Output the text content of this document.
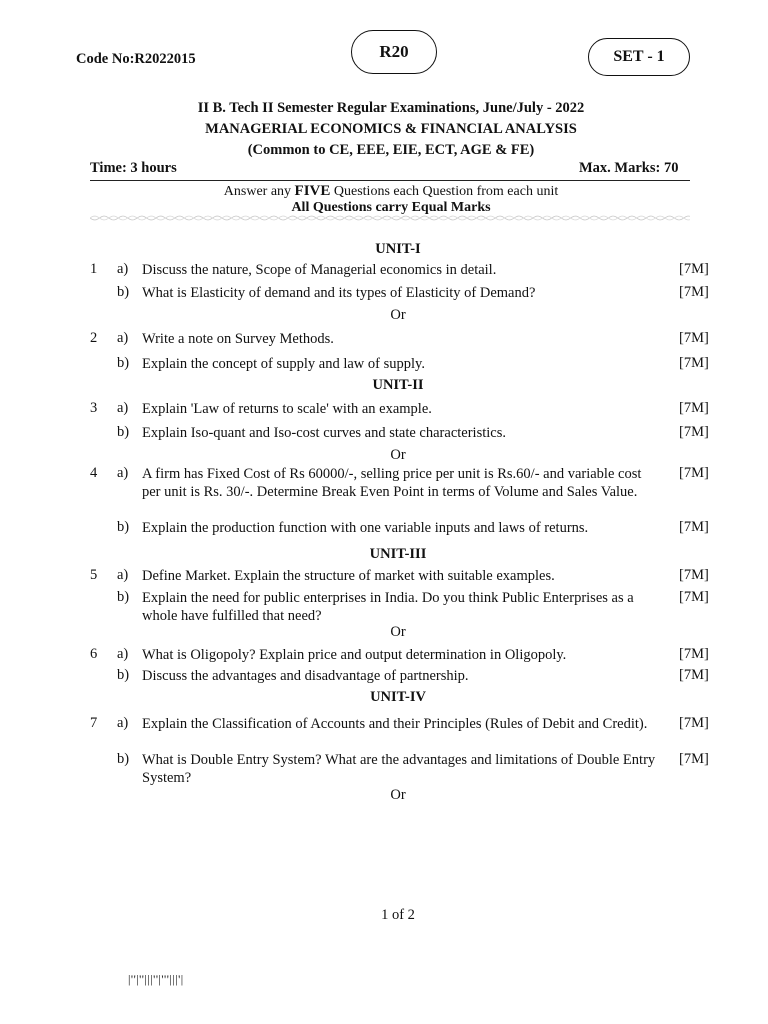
Code No:R2022015	R20	SET - 1
II B. Tech II Semester Regular Examinations, June/July - 2022
MANAGERIAL ECONOMICS & FINANCIAL ANALYSIS
(Common to CE, EEE, EIE, ECT, AGE & FE)
Time: 3 hours	Max. Marks: 70
Answer any FIVE Questions each Question from each unit
All Questions carry Equal Marks
UNIT-I
1 a) Discuss the nature, Scope of Managerial economics in detail.	[7M]
b) What is Elasticity of demand and its types of Elasticity of Demand?	[7M]
Or
2 a) Write a note on Survey Methods.	[7M]
b) Explain the concept of supply and law of supply.	[7M]
UNIT-II
3 a) Explain 'Law of returns to scale' with an example.	[7M]
b) Explain Iso-quant and Iso-cost curves and state characteristics.	[7M]
Or
4 a) A firm has Fixed Cost of Rs 60000/-, selling price per unit is Rs.60/- and variable cost per unit is Rs. 30/-. Determine Break Even Point in terms of Volume and Sales Value.
[7M]
b) Explain the production function with one variable inputs and laws of returns.	[7M]
UNIT-III
5 a) Define Market. Explain the structure of market with suitable examples.	[7M]
b) Explain the need for public enterprises in India. Do you think Public Enterprises as a whole have fulfilled that need?
[7M]
Or
6 a) What is Oligopoly? Explain price and output determination in Oligopoly.	[7M]
b) Discuss the advantages and disadvantage of partnership.	[7M]
UNIT-IV
7 a) Explain the Classification of Accounts and their Principles (Rules of Debit and Credit).	[7M]
b) What is Double Entry System? What are the advantages and limitations of Double Entry System?
[7M]
Or
1 of 2
|''|''|||''|'''|||'|
